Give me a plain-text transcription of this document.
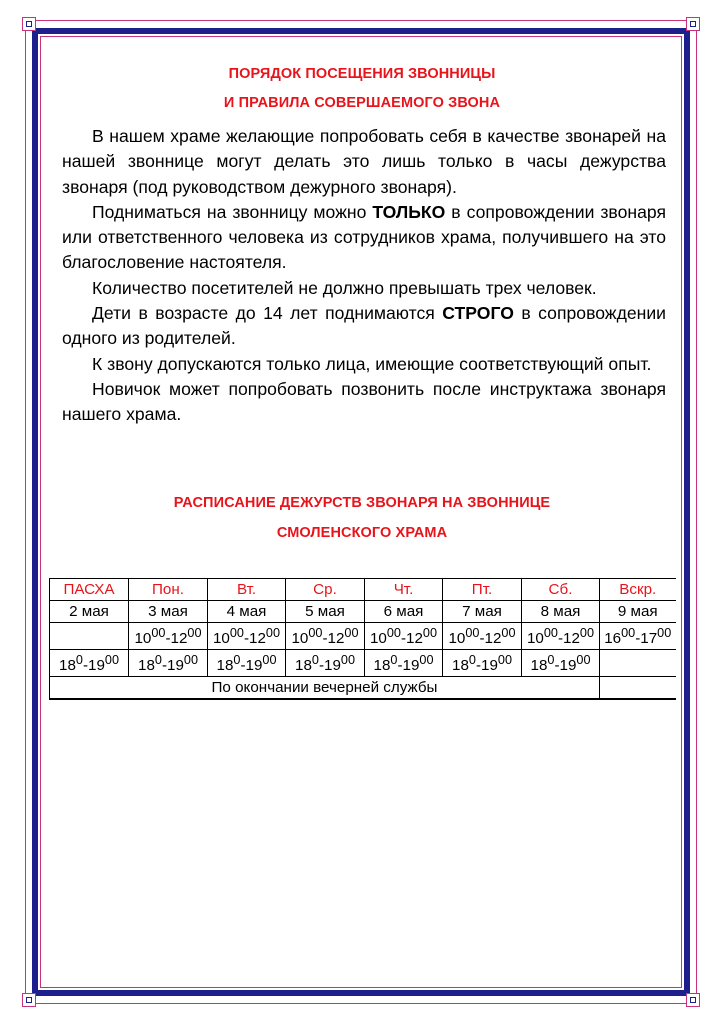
ПОРЯДОК ПОСЕЩЕНИЯ ЗВОННИЦЫ
И ПРАВИЛА СОВЕРШАЕМОГО ЗВОНА

В нашем храме желающие попробовать себя в качестве звонарей на нашей звоннице могут делать это лишь только в часы дежурства звонаря (под руководством дежурного звонаря).

Подниматься на звонницу можно ТОЛЬКО в сопровождении звонаря или ответственного человека из сотрудников храма, получившего на это благословение настоятеля.

Количество посетителей не должно превышать трех человек.

Дети в возрасте до 14 лет поднимаются СТРОГО в сопровождении одного из родителей.

К звону допускаются только лица, имеющие соответствующий опыт.

Новичок может попробовать позвонить после инструктажа звонаря нашего храма.

РАСПИСАНИЕ ДЕЖУРСТВ ЗВОНАРЯ НА ЗВОННИЦЕ
СМОЛЕНСКОГО ХРАМА
ПАСХА	Пон.	Вт.	Ср.	Чт.	Пт.	Сб.	Вскр.
2 мая	3 мая	4 мая	5 мая	6 мая	7 мая	8 мая	9 мая
	$10^{00}-12^{00}$	$10^{00}-12^{00}$	$10^{00}-12^{00}$	$10^{00}-12^{00}$	$10^{00}-12^{00}$	$10^{00}-12^{00}$	$16^{00}-17^{00}$
$18^0-19^{00}$	$18^0-19^{00}$	$18^0-19^{00}$	$18^0-19^{00}$	$18^0-19^{00}$	$18^0-19^{00}$	$18^0-19^{00}$	
По окончании вечерней службы							
